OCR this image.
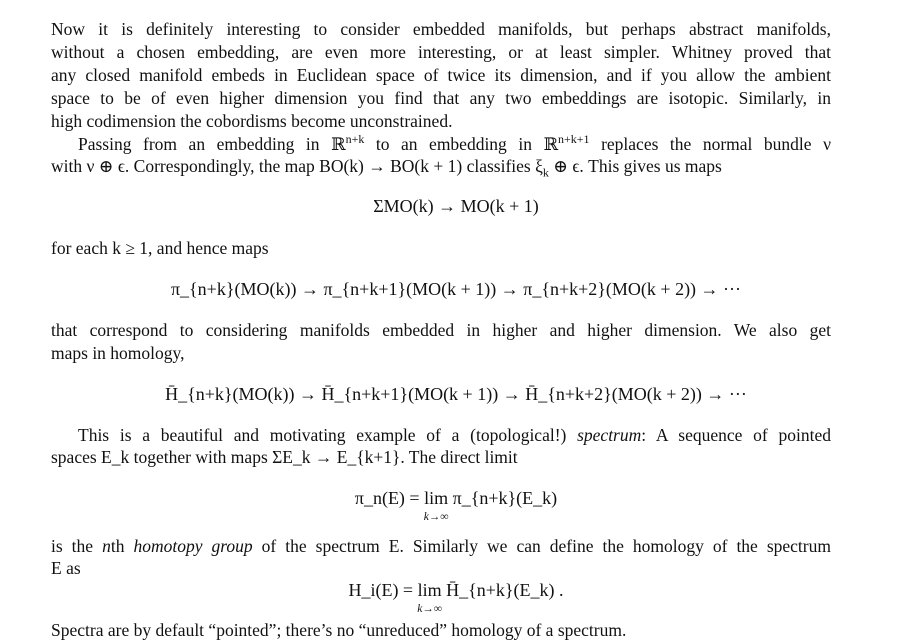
Now it is definitely interesting to consider embedded manifolds, but perhaps abstract manifolds,
without a chosen embedding, are even more interesting, or at least simpler. Whitney proved that
any closed manifold embeds in Euclidean space of twice its dimension, and if you allow the ambient
space to be of even higher dimension you find that any two embeddings are isotopic. Similarly, in
high codimension the cobordisms become unconstrained.
Passing from an embedding in ℝ$^{n+k}$ to an embedding in ℝ$^{n+k+1}$ replaces the normal bundle ν
with ν ⊕ ϵ. Correspondingly, the map BO(k) → BO(k + 1) classifies $\xi_k$ ⊕ ϵ. This gives us maps
ΣMO(k) → MO(k + 1)
for each k ≥ 1, and hence maps
π_{n+k}(MO(k)) → π_{n+k+1}(MO(k + 1)) → π_{n+k+2}(MO(k + 2)) → ···
that correspond to considering manifolds embedded in higher and higher dimension. We also get
maps in homology,
H̄_{n+k}(MO(k)) → H̄_{n+k+1}(MO(k + 1)) → H̄_{n+k+2}(MO(k + 2)) → ···
This is a beautiful and motivating example of a (topological!) spectrum: A sequence of pointed
spaces E_k together with maps ΣE_k → E_{k+1}. The direct limit
π_n(E) = lim
k→∞
π_{n+k}(E_k)
is the nth homotopy group of the spectrum E. Similarly we can define the homology of the spectrum
E as
H_i(E) = lim
k→∞
H̄_{n+k}(E_k) .
Spectra are by default “pointed”; there’s no “unreduced” homology of a spectrum.
